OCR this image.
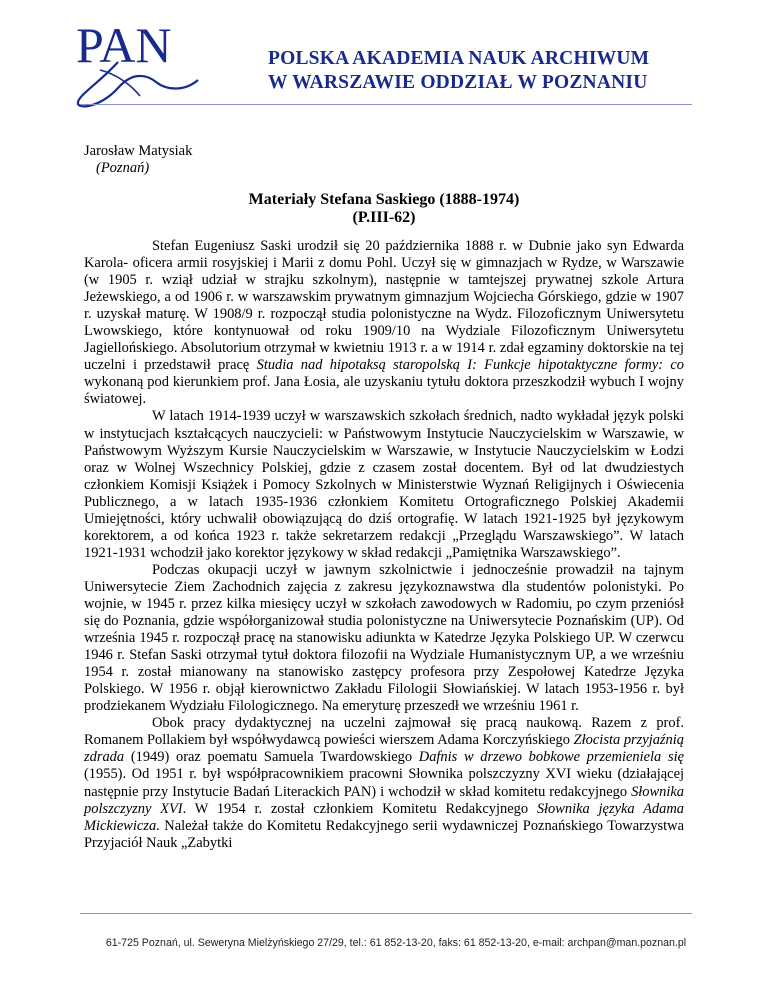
PAN	POLSKA AKADEMIA NAUK ARCHIWUM
W WARSZAWIE ODDZIAŁ W POZNANIU
Jarosław Matysiak
(Poznań)
Materiały Stefana Saskiego (1888-1974)
(P.III-62)

Stefan Eugeniusz Saski urodził się 20 października 1888 r. w Dubnie jako syn Edwarda Karola- oficera armii rosyjskiej i Marii z domu Pohl. Uczył się w gimnazjach w Rydze, w Warszawie (w 1905 r. wziął udział w strajku szkolnym), następnie w tamtejszej prywatnej szkole Artura Jeżewskiego, a od 1906 r. w warszawskim prywatnym gimnazjum Wojciecha Górskiego, gdzie w 1907 r. uzyskał maturę. W 1908/9 r. rozpoczął studia polonistyczne na Wydz. Filozoficznym Uniwersytetu Lwowskiego, które kontynuował od roku 1909/10 na Wydziale Filozoficznym Uniwersytetu Jagiellońskiego. Absolutorium otrzymał w kwietniu 1913 r. a w 1914 r. zdał egzaminy doktorskie na tej uczelni i przedstawił pracę Studia nad hipotaksą staropolską I: Funkcje hipotaktyczne formy: co wykonaną pod kierunkiem prof. Jana Łosia, ale uzyskaniu tytułu doktora przeszkodził wybuch I wojny światowej.

W latach 1914-1939 uczył w warszawskich szkołach średnich, nadto wykładał język polski w instytucjach kształcących nauczycieli: w Państwowym Instytucie Nauczycielskim w Warszawie, w Państwowym Wyższym Kursie Nauczycielskim w Warszawie, w Instytucie Nauczycielskim w Łodzi oraz w Wolnej Wszechnicy Polskiej, gdzie z czasem został docentem. Był od lat dwudziestych członkiem Komisji Książek i Pomocy Szkolnych w Ministerstwie Wyznań Religijnych i Oświecenia Publicznego, a w latach 1935-1936 członkiem Komitetu Ortograficznego Polskiej Akademii Umiejętności, który uchwalił obowiązującą do dziś ortografię. W latach 1921-1925 był językowym korektorem, a od końca 1923 r. także sekretarzem redakcji „Przeglądu Warszawskiego”. W latach 1921-1931 wchodził jako korektor językowy w skład redakcji „Pamiętnika Warszawskiego”.

Podczas okupacji uczył w jawnym szkolnictwie i jednocześnie prowadził na tajnym Uniwersytecie Ziem Zachodnich zajęcia z zakresu językoznawstwa dla studentów polonistyki. Po wojnie, w 1945 r. przez kilka miesięcy uczył w szkołach zawodowych w Radomiu, po czym przeniósł się do Poznania, gdzie współorganizował studia polonistyczne na Uniwersytecie Poznańskim (UP). Od września 1945 r. rozpoczął pracę na stanowisku adiunkta w Katedrze Języka Polskiego UP. W czerwcu 1946 r. Stefan Saski otrzymał tytuł doktora filozofii na Wydziale Humanistycznym UP, a we wrześniu 1954 r. został mianowany na stanowisko zastępcy profesora przy Zespołowej Katedrze Języka Polskiego. W 1956 r. objął kierownictwo Zakładu Filologii Słowiańskiej. W latach 1953-1956 r. był prodziekanem Wydziału Filologicznego. Na emeryturę przeszedł we wrześniu 1961 r.

Obok pracy dydaktycznej na uczelni zajmował się pracą naukową. Razem z prof. Romanem Pollakiem był współwydawcą powieści wierszem Adama Korczyńskiego Złocista przyjaźnią zdrada (1949) oraz poematu Samuela Twardowskiego Dafnis w drzewo bobkowe przemieniela się (1955). Od 1951 r. był współpracownikiem pracowni Słownika polszczyzny XVI wieku (działającej następnie przy Instytucie Badań Literackich PAN) i wchodził w skład komitetu redakcyjnego Słownika polszczyzny XVI. W 1954 r. został członkiem Komitetu Redakcyjnego Słownika języka Adama Mickiewicza. Należał także do Komitetu Redakcyjnego serii wydawniczej Poznańskiego Towarzystwa Przyjaciół Nauk „Zabytki

61-725 Poznań, ul. Seweryna Mielżyńskiego 27/29, tel.: 61 852-13-20, faks: 61 852-13-20, e-mail: archpan@man.poznan.pl
